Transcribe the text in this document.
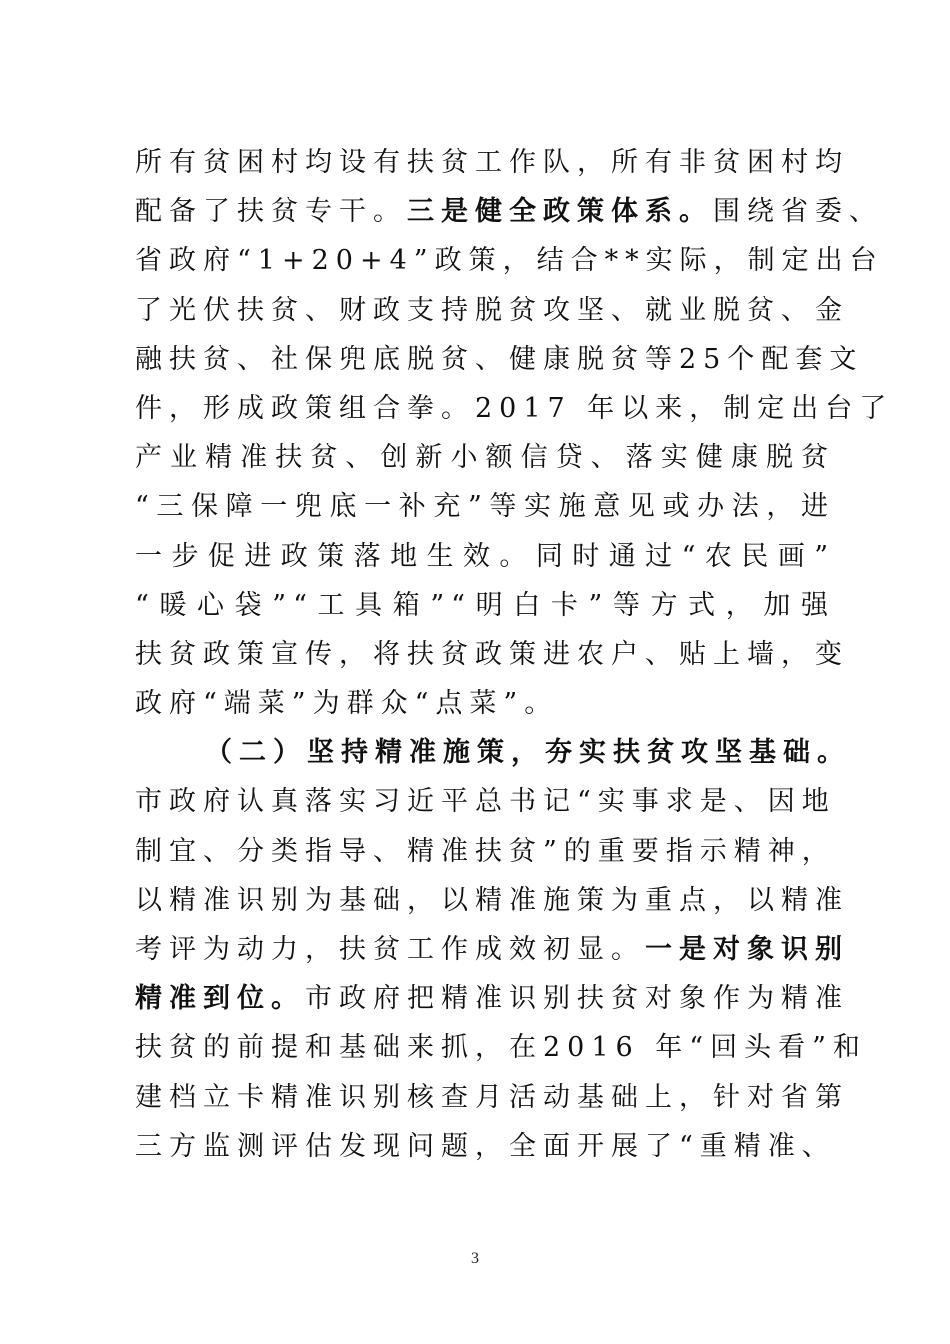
所有贫困村均设有扶贫工作队，所有非贫困村均
配备了扶贫专干。三是健全政策体系。围绕省委、
省政府“1+20+4”政策，结合**实际，制定出台
了光伏扶贫、财政支持脱贫攻坚、就业脱贫、金
融扶贫、社保兜底脱贫、健康脱贫等25个配套文
件，形成政策组合拳。2017 年以来，制定出台了
产业精准扶贫、创新小额信贷、落实健康脱贫
“三保障一兜底一补充”等实施意见或办法，进
一步促进政策落地生效。同时通过“农民画”
“暖心袋”“工具箱”“明白卡”等方式，加强
扶贫政策宣传，将扶贫政策进农户、贴上墙，变
政府“端菜”为群众“点菜”。
（二）坚持精准施策，夯实扶贫攻坚基础。
市政府认真落实习近平总书记“实事求是、因地
制宜、分类指导、精准扶贫”的重要指示精神，
以精准识别为基础，以精准施策为重点，以精准
考评为动力，扶贫工作成效初显。一是对象识别
精准到位。市政府把精准识别扶贫对象作为精准
扶贫的前提和基础来抓，在2016 年“回头看”和
建档立卡精准识别核查月活动基础上，针对省第
三方监测评估发现问题，全面开展了“重精准、
3
